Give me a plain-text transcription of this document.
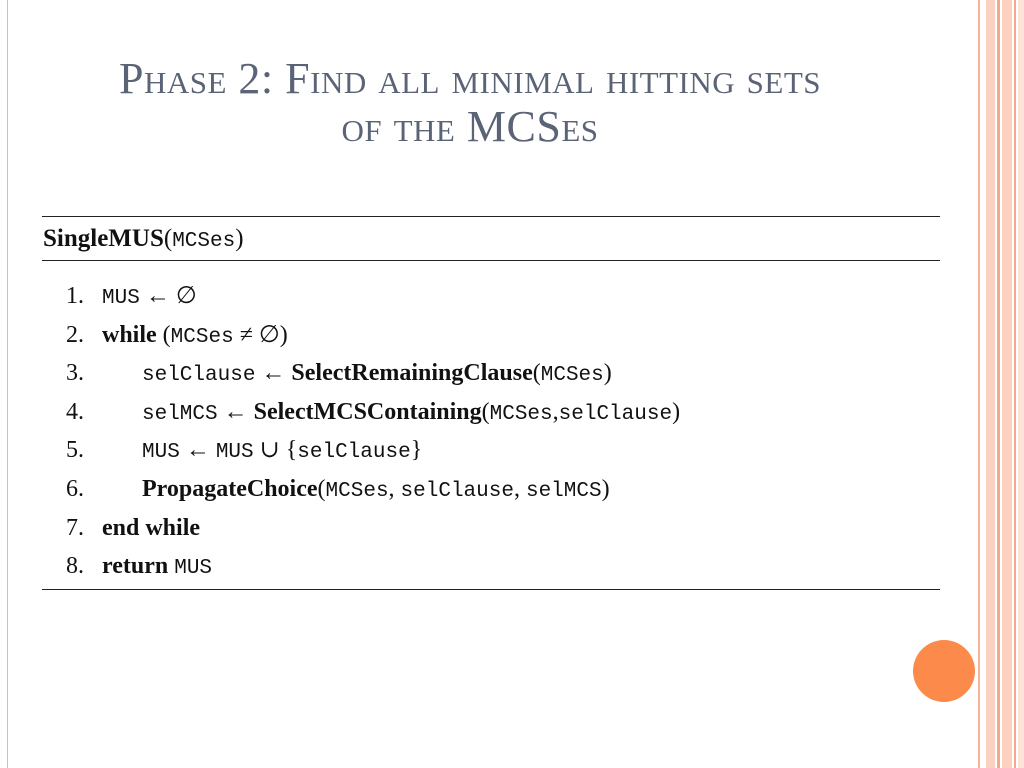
Phase 2: Find all minimal hitting sets
of the MCSes
SingleMUS(MCSes)
1. MUS ← ∅
2. while (MCSes ≠ ∅)
3.	selClause ← SelectRemainingClause(MCSes)
4.	selMCS ← SelectMCSContaining(MCSes,selClause)
5.	MUS ← MUS ∪ {selClause}
6.	PropagateChoice(MCSes, selClause, selMCS)
7. end while
8. return MUS
